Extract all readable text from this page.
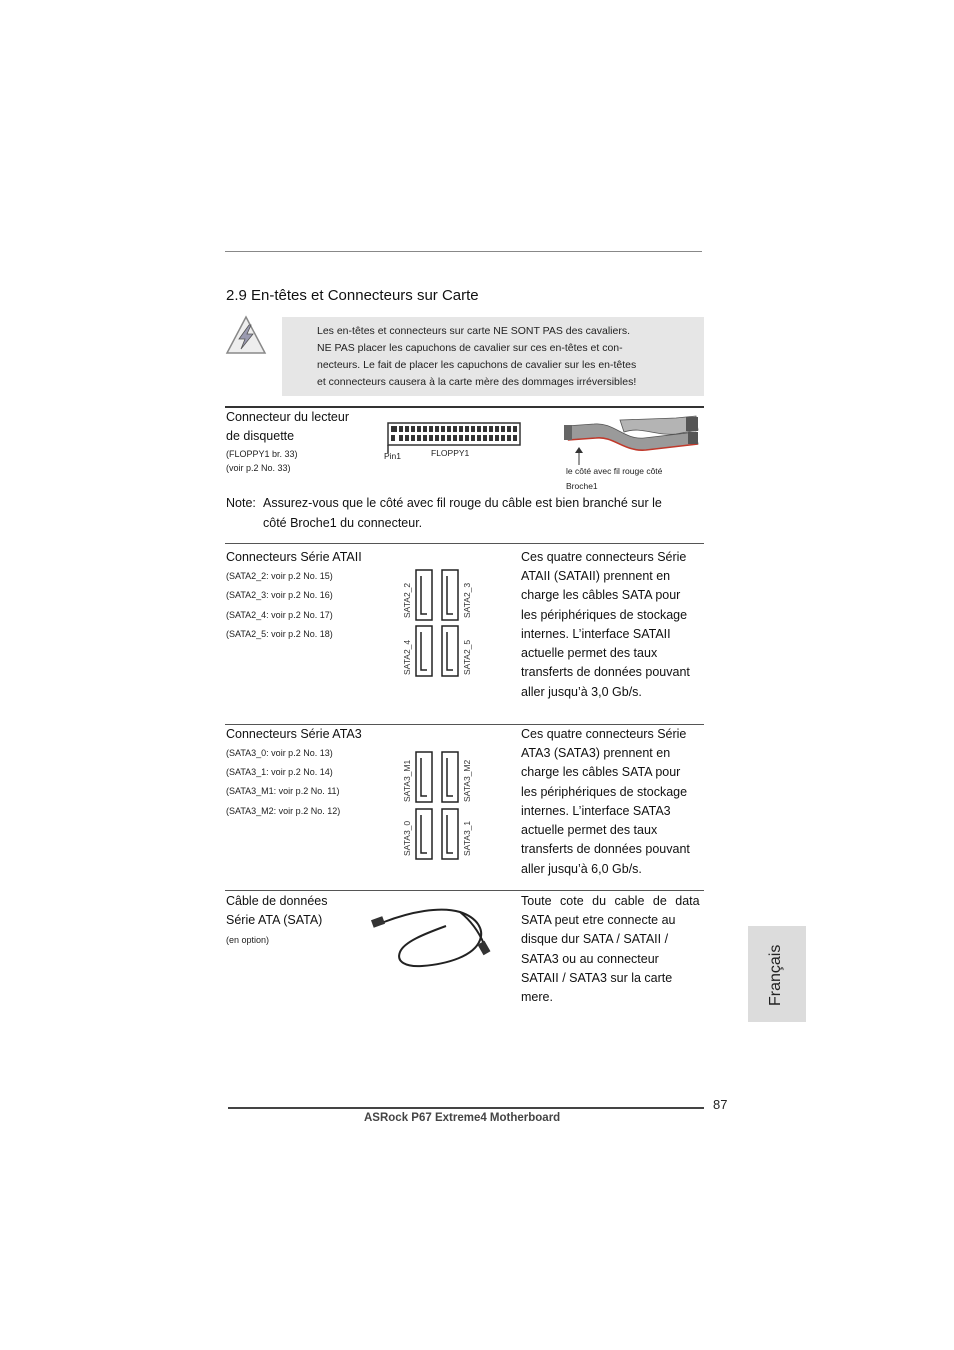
2.9 En-têtes et Connecteurs sur Carte
Les en-têtes et connecteurs sur carte NE SONT PAS des cavaliers.
NE PAS placer les capuchons de cavalier sur ces en-têtes et con-
necteurs. Le fait de placer les capuchons de cavalier sur les en-têtes
et connecteurs causera à la carte mère des dommages irréversibles!
Connecteur du lecteur
de disquette
(FLOPPY1 br. 33)
(voir p.2 No. 33)
Pin1	FLOPPY1
le côté avec fil rouge côté
Broche1
Note: Assurez-vous que le côté avec fil rouge du câble est bien branché sur le
côté Broche1 du connecteur.
Connecteurs Série ATAII
(SATA2_2: voir p.2 No. 15)
(SATA2_3: voir p.2 No. 16)
(SATA2_4: voir p.2 No. 17)
(SATA2_5: voir p.2 No. 18)
SATA2_2	SATA2_3
SATA2_4	SATA2_5
Ces quatre connecteurs Série
ATAII (SATAII) prennent en
charge les câbles SATA pour
les périphériques de stockage
internes. L’interface SATAII
actuelle permet des taux
transferts de données pouvant
aller jusqu’à 3,0 Gb/s.
Connecteurs Série ATA3
(SATA3_0: voir p.2 No. 13)
(SATA3_1: voir p.2 No. 14)
(SATA3_M1: voir p.2 No. 11)
(SATA3_M2: voir p.2 No. 12)
SATA3_M1	SATA3_M2
SATA3_0	SATA3_1
Ces quatre connecteurs Série
ATA3 (SATA3) prennent en
charge les câbles SATA pour
les périphériques de stockage
internes. L’interface SATA3
actuelle permet des taux
transferts de données pouvant
aller jusqu’à 6,0 Gb/s.
Câble de données
Série ATA (SATA)
(en option)
Toute cote du cable de data
SATA peut etre connecte au
disque dur SATA / SATAII /
SATA3 ou au connecteur
SATAII / SATA3 sur la carte
mere.	Français
87
ASRock P67 Extreme4 Motherboard
